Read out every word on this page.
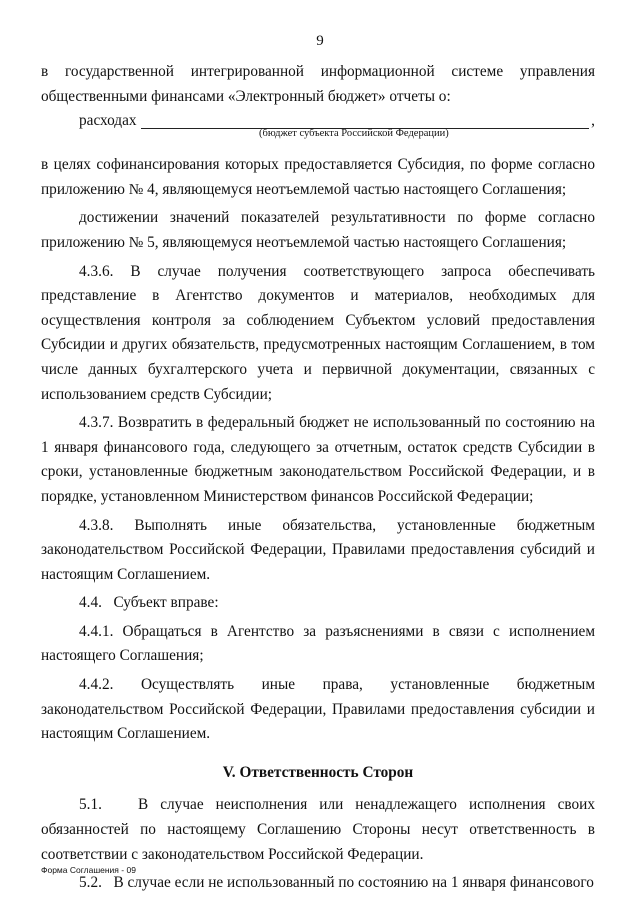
9

в государственной интегрированной информационной системе управления общественными финансами «Электронный бюджет» отчеты о:

расходах	,
(бюджет субъекта Российской Федерации)

в целях софинансирования которых предоставляется Субсидия, по форме согласно приложению № 4, являющемуся неотъемлемой частью настоящего Соглашения;

достижении значений показателей результативности по форме согласно приложению № 5, являющемуся неотъемлемой частью настоящего Соглашения;

4.3.6. В случае получения соответствующего запроса обеспечивать представление в Агентство документов и материалов, необходимых для осуществления контроля за соблюдением Субъектом условий предоставления Субсидии и других обязательств, предусмотренных настоящим Соглашением, в том числе данных бухгалтерского учета и первичной документации, связанных с использованием средств Субсидии;

4.3.7. Возвратить в федеральный бюджет не использованный по состоянию на 1 января финансового года, следующего за отчетным, остаток средств Субсидии в сроки, установленные бюджетным законодательством Российской Федерации, и в порядке, установленном Министерством финансов Российской Федерации;

4.3.8. Выполнять иные обязательства, установленные бюджетным законодательством Российской Федерации, Правилами предоставления субсидий и настоящим Соглашением.

4.4. Субъект вправе:

4.4.1. Обращаться в Агентство за разъяснениями в связи с исполнением настоящего Соглашения;

4.4.2. Осуществлять иные права, установленные бюджетным законодательством Российской Федерации, Правилами предоставления субсидии и настоящим Соглашением.

V. Ответственность Сторон

5.1. В случае неисполнения или ненадлежащего исполнения своих обязанностей по настоящему Соглашению Стороны несут ответственность в соответствии с законодательством Российской Федерации.

5.2. В случае если не использованный по состоянию на 1 января финансового

Форма Соглашения - 09
